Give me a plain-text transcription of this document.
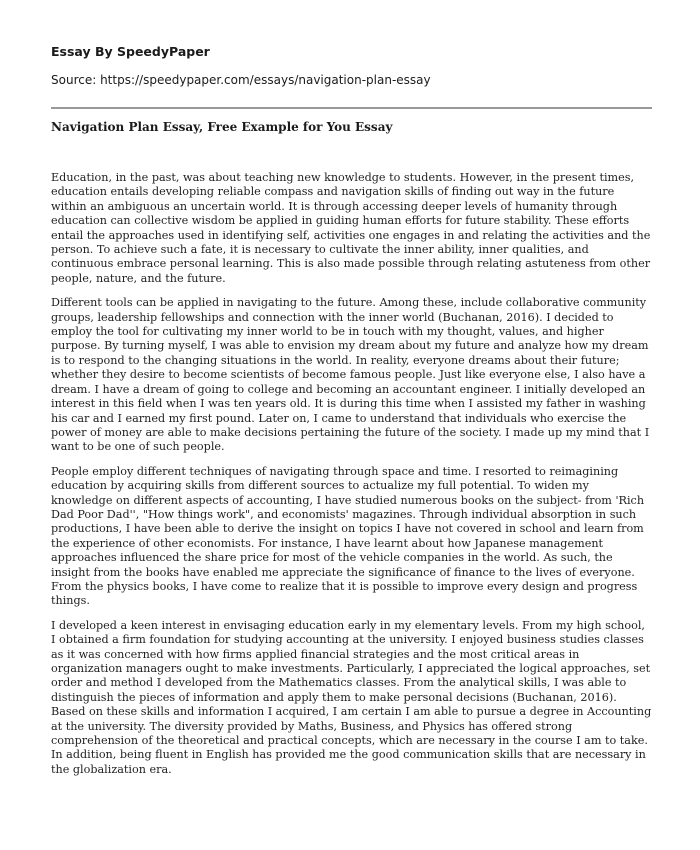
Essay By SpeedyPaper
Source: https://speedypaper.com/essays/navigation-plan-essay
Navigation Plan Essay, Free Example for You Essay

Education, in the past, was about teaching new knowledge to students. However, in the present times, education entails developing reliable compass and navigation skills of finding out way in the future within an ambiguous an uncertain world. It is through accessing deeper levels of humanity through education can collective wisdom be applied in guiding human efforts for future stability. These efforts entail the approaches used in identifying self, activities one engages in and relating the activities and the person. To achieve such a fate, it is necessary to cultivate the inner ability, inner qualities, and continuous embrace personal learning. This is also made possible through relating astuteness from other people, nature, and the future.

Different tools can be applied in navigating to the future. Among these, include collaborative community groups, leadership fellowships and connection with the inner world (Buchanan, 2016). I decided to employ the tool for cultivating my inner world to be in touch with my thought, values, and higher purpose. By turning myself, I was able to envision my dream about my future and analyze how my dream is to respond to the changing situations in the world. In reality, everyone dreams about their future; whether they desire to become scientists of become famous people. Just like everyone else, I also have a dream. I have a dream of going to college and becoming an accountant engineer. I initially developed an interest in this field when I was ten years old. It is during this time when I assisted my father in washing his car and I earned my first pound. Later on, I came to understand that individuals who exercise the power of money are able to make decisions pertaining the future of the society. I made up my mind that I want to be one of such people.

People employ different techniques of navigating through space and time. I resorted to reimagining education by acquiring skills from different sources to actualize my full potential. To widen my knowledge on different aspects of accounting, I have studied numerous books on the subject- from 'Rich Dad Poor Dad'', "How things work", and economists' magazines. Through individual absorption in such productions, I have been able to derive the insight on topics I have not covered in school and learn from the experience of other economists. For instance, I have learnt about how Japanese management approaches influenced the share price for most of the vehicle companies in the world. As such, the insight from the books have enabled me appreciate the significance of finance to the lives of everyone. From the physics books, I have come to realize that it is possible to improve every design and progress things.

I developed a keen interest in envisaging education early in my elementary levels. From my high school, I obtained a firm foundation for studying accounting at the university. I enjoyed business studies classes as it was concerned with how firms applied financial strategies and the most critical areas in organization managers ought to make investments. Particularly, I appreciated the logical approaches, set order and method I developed from the Mathematics classes. From the analytical skills, I was able to distinguish the pieces of information and apply them to make personal decisions (Buchanan, 2016). Based on these skills and information I acquired, I am certain I am able to pursue a degree in Accounting at the university. The diversity provided by Maths, Business, and Physics has offered strong comprehension of the theoretical and practical concepts, which are necessary in the course I am to take. In addition, being fluent in English has provided me the good communication skills that are necessary in the globalization era.
